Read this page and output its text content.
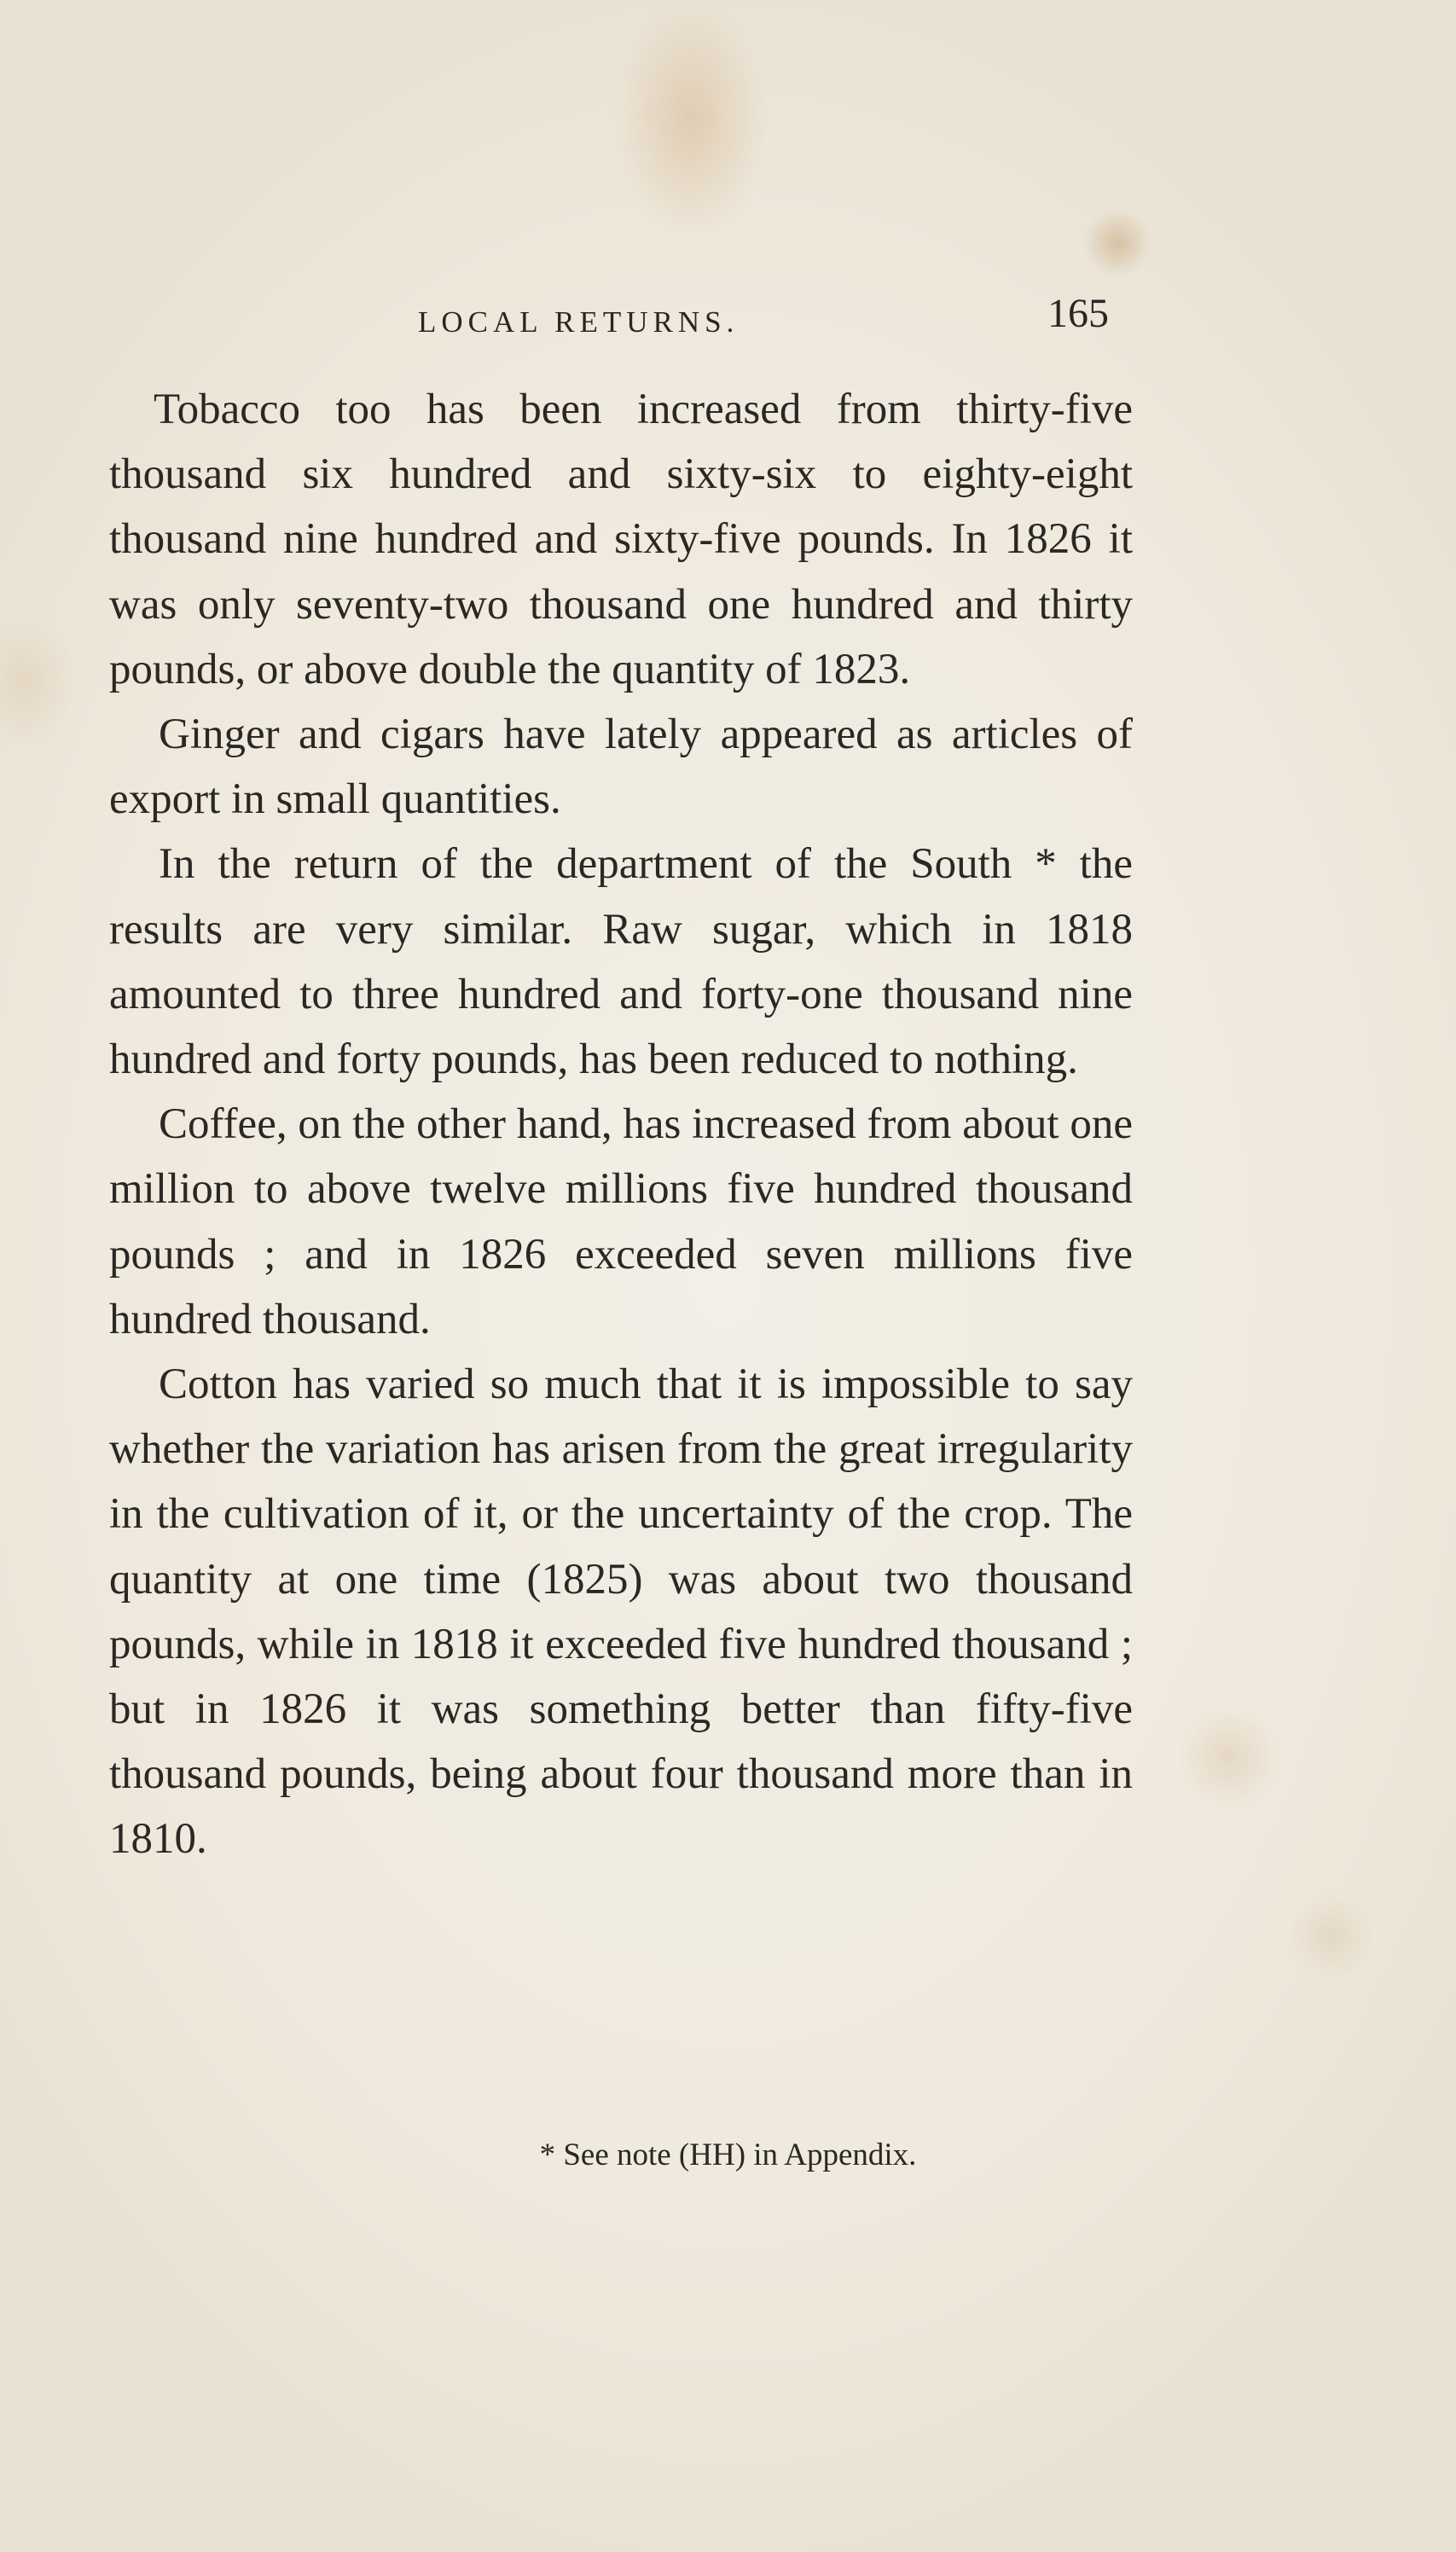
LOCAL RETURNS.	165

Tobacco too has been increased from thirty-five thousand six hundred and sixty-six to eighty-eight thousand nine hundred and sixty-five pounds. In 1826 it was only seventy-two thousand one hundred and thirty pounds, or above double the quantity of 1823.

Ginger and cigars have lately appeared as articles of export in small quantities.

In the return of the department of the South * the results are very similar. Raw sugar, which in 1818 amounted to three hundred and forty-one thousand nine hundred and forty pounds, has been reduced to nothing.

Coffee, on the other hand, has increased from about one million to above twelve millions five hundred thousand pounds ; and in 1826 exceeded seven millions five hundred thousand.

Cotton has varied so much that it is impossible to say whether the variation has arisen from the great irregularity in the cultivation of it, or the uncertainty of the crop. The quantity at one time (1825) was about two thousand pounds, while in 1818 it exceeded five hundred thousand ; but in 1826 it was something better than fifty-five thousand pounds, being about four thousand more than in 1810.

* See note (HH) in Appendix.
